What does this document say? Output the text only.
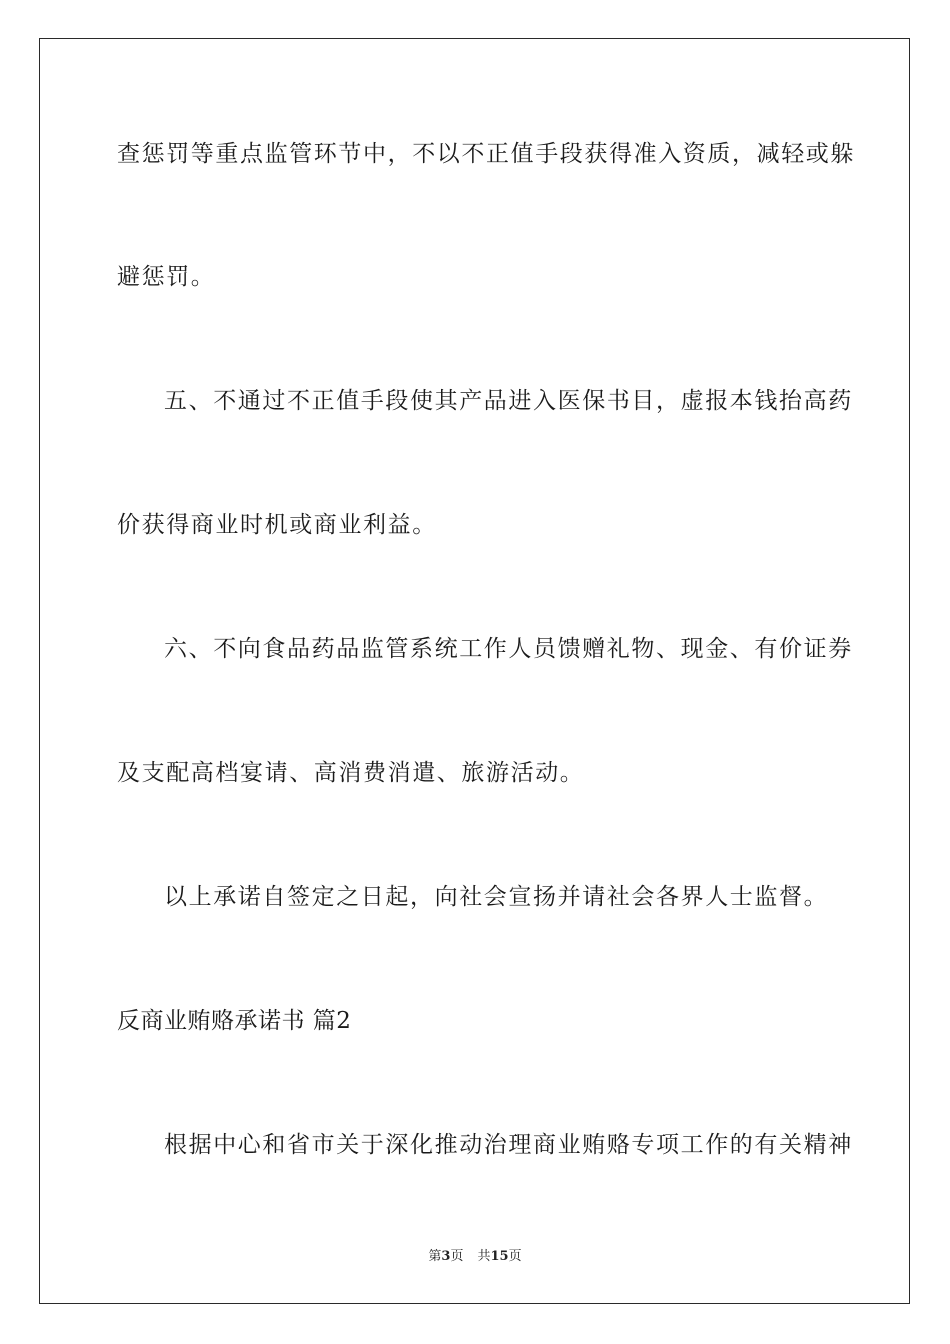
查惩罚等重点监管环节中，不以不正值手段获得准入资质，减轻或躲
避惩罚。
五、不通过不正值手段使其产品进入医保书目，虚报本钱抬高药
价获得商业时机或商业利益。
六、不向食品药品监管系统工作人员馈赠礼物、现金、有价证券
及支配高档宴请、高消费消遣、旅游活动。
以上承诺自签定之日起，向社会宣扬并请社会各界人士监督。
反商业贿赂承诺书 篇2
根据中心和省市关于深化推动治理商业贿赂专项工作的有关精神
第3页 共15页
